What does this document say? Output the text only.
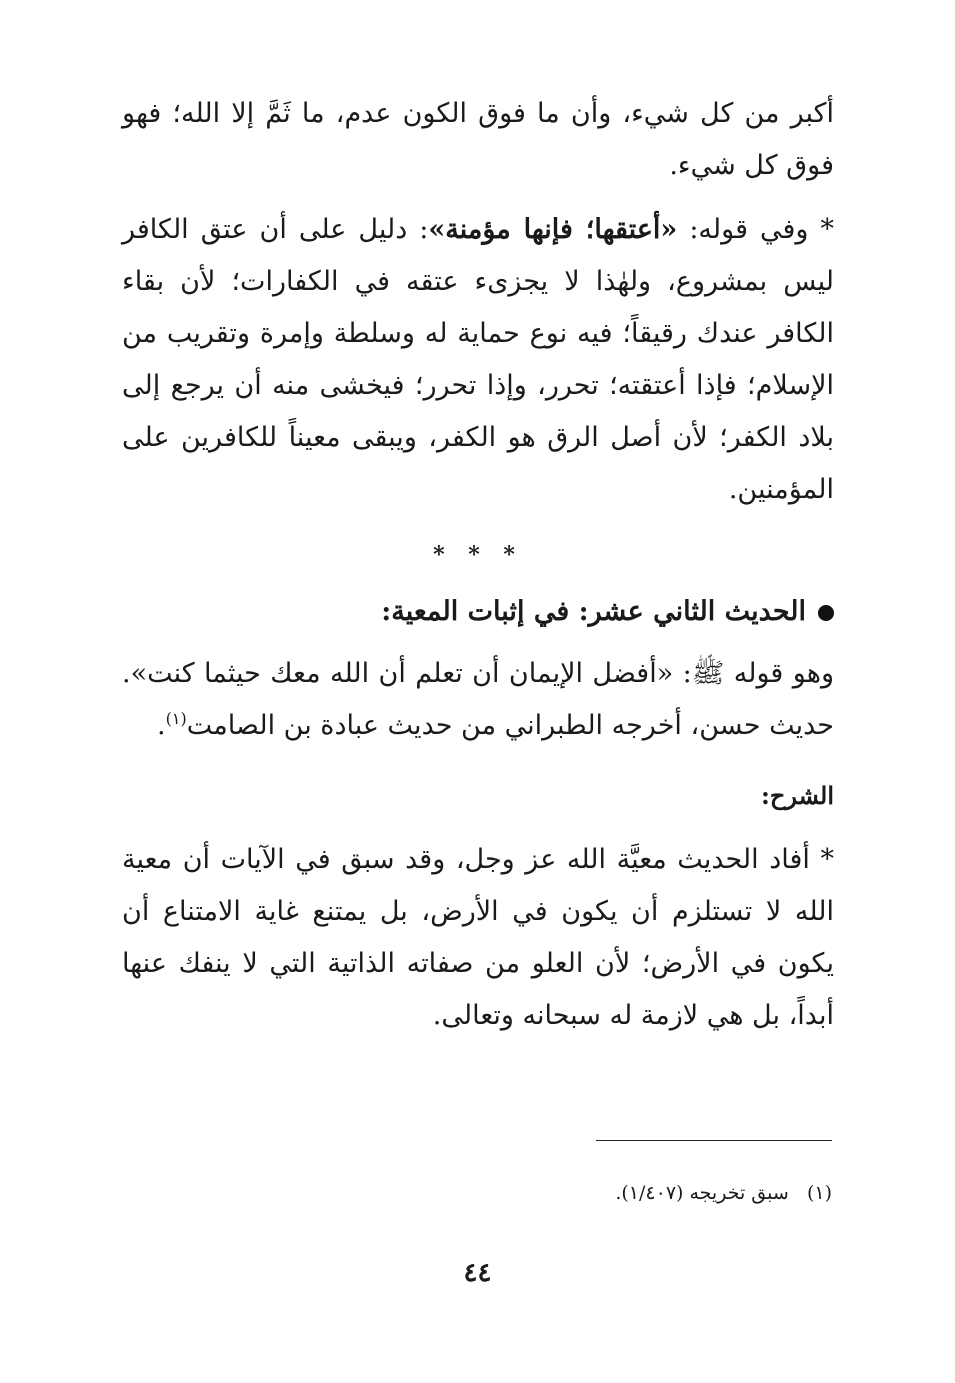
أكبر من كل شيء، وأن ما فوق الكون عدم، ما ثَمَّ إلا الله؛ فهو فوق كل شيء.

* وفي قوله: «أعتقها؛ فإنها مؤمنة»: دليل على أن عتق الكافر ليس بمشروع، ولهٰذا لا يجزىء عتقه في الكفارات؛ لأن بقاء الكافر عندك رقيقاً؛ فيه نوع حماية له وسلطة وإمرة وتقريب من الإسلام؛ فإذا أعتقته؛ تحرر، وإذا تحرر؛ فيخشى منه أن يرجع إلى بلاد الكفر؛ لأن أصل الرق هو الكفر، ويبقى معيناً للكافرين على المؤمنين.

* * *
الحديث الثاني عشر: في إثبات المعية:

وهو قوله ﷺ: «أفضل الإيمان أن تعلم أن الله معك حيثما كنت». حديث حسن، أخرجه الطبراني من حديث عبادة بن الصامت$^{(١)}$.

الشرح:

* أفاد الحديث معيَّة الله عز وجل، وقد سبق في الآيات أن معية الله لا تستلزم أن يكون في الأرض، بل يمتنع غاية الامتناع أن يكون في الأرض؛ لأن العلو من صفاته الذاتية التي لا ينفك عنها أبداً، بل هي لازمة له سبحانه وتعالى.

(١)   سبق تخريجه (١/٤٠٧).
٤٤
